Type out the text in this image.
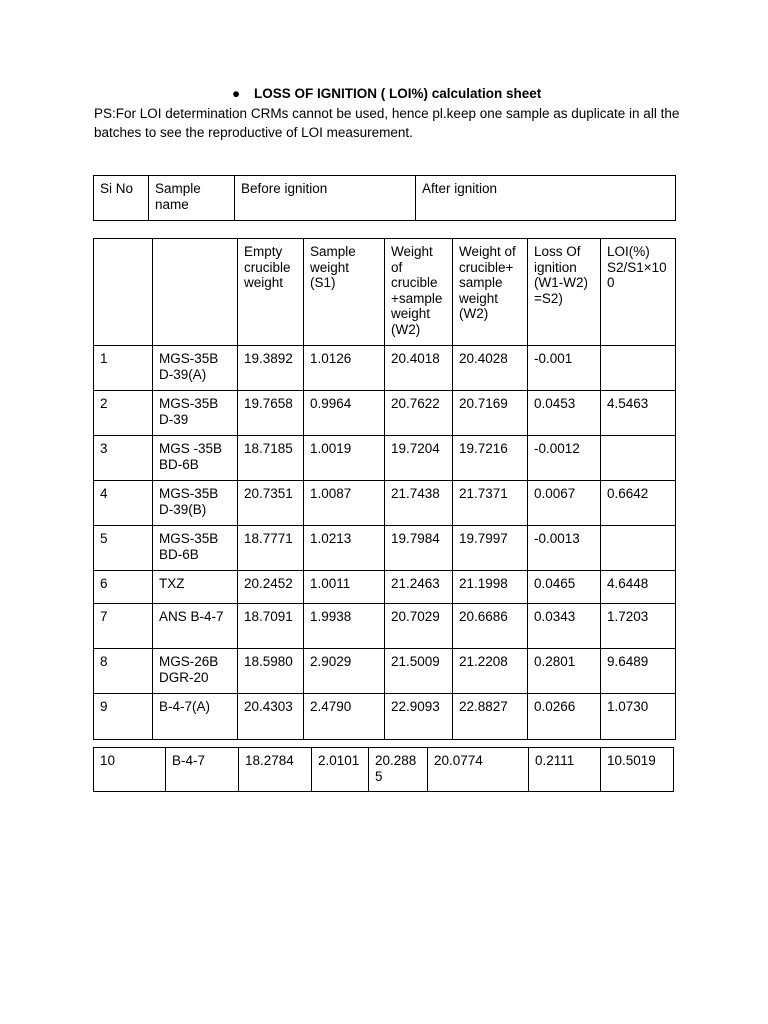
● LOSS OF IGNITION ( LOI%) calculation sheet
PS:For LOI determination CRMs cannot be used, hence pl.keep one sample as duplicate in all the batches to see the reproductive of LOI measurement.
Si No	Sample name	Before ignition	After ignition
		Empty crucible weight	Sample weight (S1)	Weight of crucible +sample weight (W2)	Weight of crucible+ sample weight (W2)	Loss Of ignition (W1-W2) =S2)	LOI(%) S2/S1×100
1	MGS-35B D-39(A)	19.3892	1.0126	20.4018	20.4028	-0.001	
2	MGS-35B D-39	19.7658	0.9964	20.7622	20.7169	0.0453	4.5463
3	MGS -35B BD-6B	18.7185	1.0019	19.7204	19.7216	-0.0012	
4	MGS-35B D-39(B)	20.7351	1.0087	21.7438	21.7371	0.0067	0.6642
5	MGS-35B BD-6B	18.7771	1.0213	19.7984	19.7997	-0.0013	
6	TXZ	20.2452	1.0011	21.2463	21.1998	0.0465	4.6448
7	ANS B-4-7	18.7091	1.9938	20.7029	20.6686	0.0343	1.7203
8	MGS-26B DGR-20	18.5980	2.9029	21.5009	21.2208	0.2801	9.6489
9	B-4-7(A)	20.4303	2.4790	22.9093	22.8827	0.0266	1.0730
10	B-4-7	18.2784	2.0101	20.2885	20.0774	0.2111	10.5019
